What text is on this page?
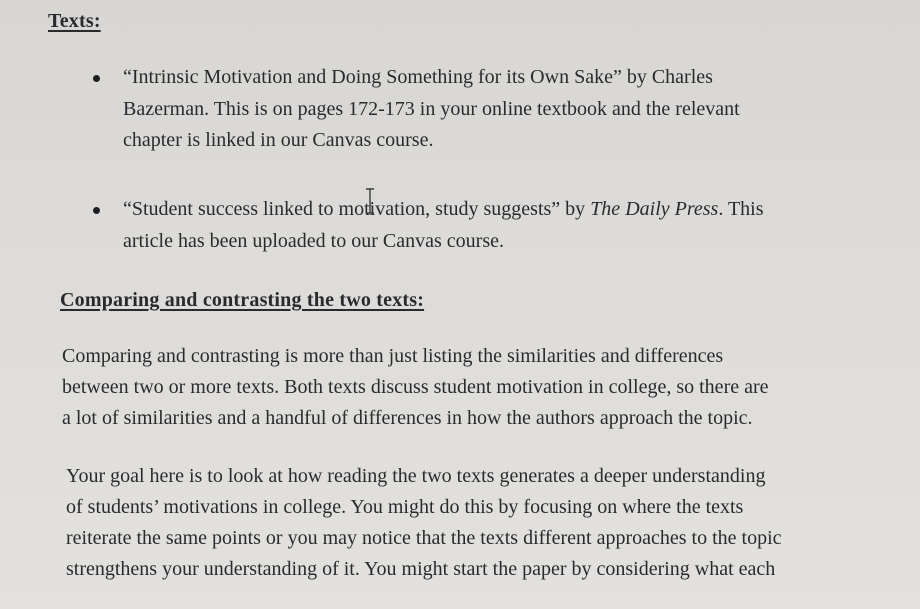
Texts:
“Intrinsic Motivation and Doing Something for its Own Sake” by Charles
Bazerman. This is on pages 172-173 in your online textbook and the relevant
chapter is linked in our Canvas course.
“Student success linked to motivation, study suggests” by The Daily Press. This
article has been uploaded to our Canvas course.
Comparing and contrasting the two texts:
Comparing and contrasting is more than just listing the similarities and differences
between two or more texts. Both texts discuss student motivation in college, so there are
a lot of similarities and a handful of differences in how the authors approach the topic.
Your goal here is to look at how reading the two texts generates a deeper understanding
of students’ motivations in college. You might do this by focusing on where the texts
reiterate the same points or you may notice that the texts different approaches to the topic
strengthens your understanding of it. You might start the paper by considering what each
